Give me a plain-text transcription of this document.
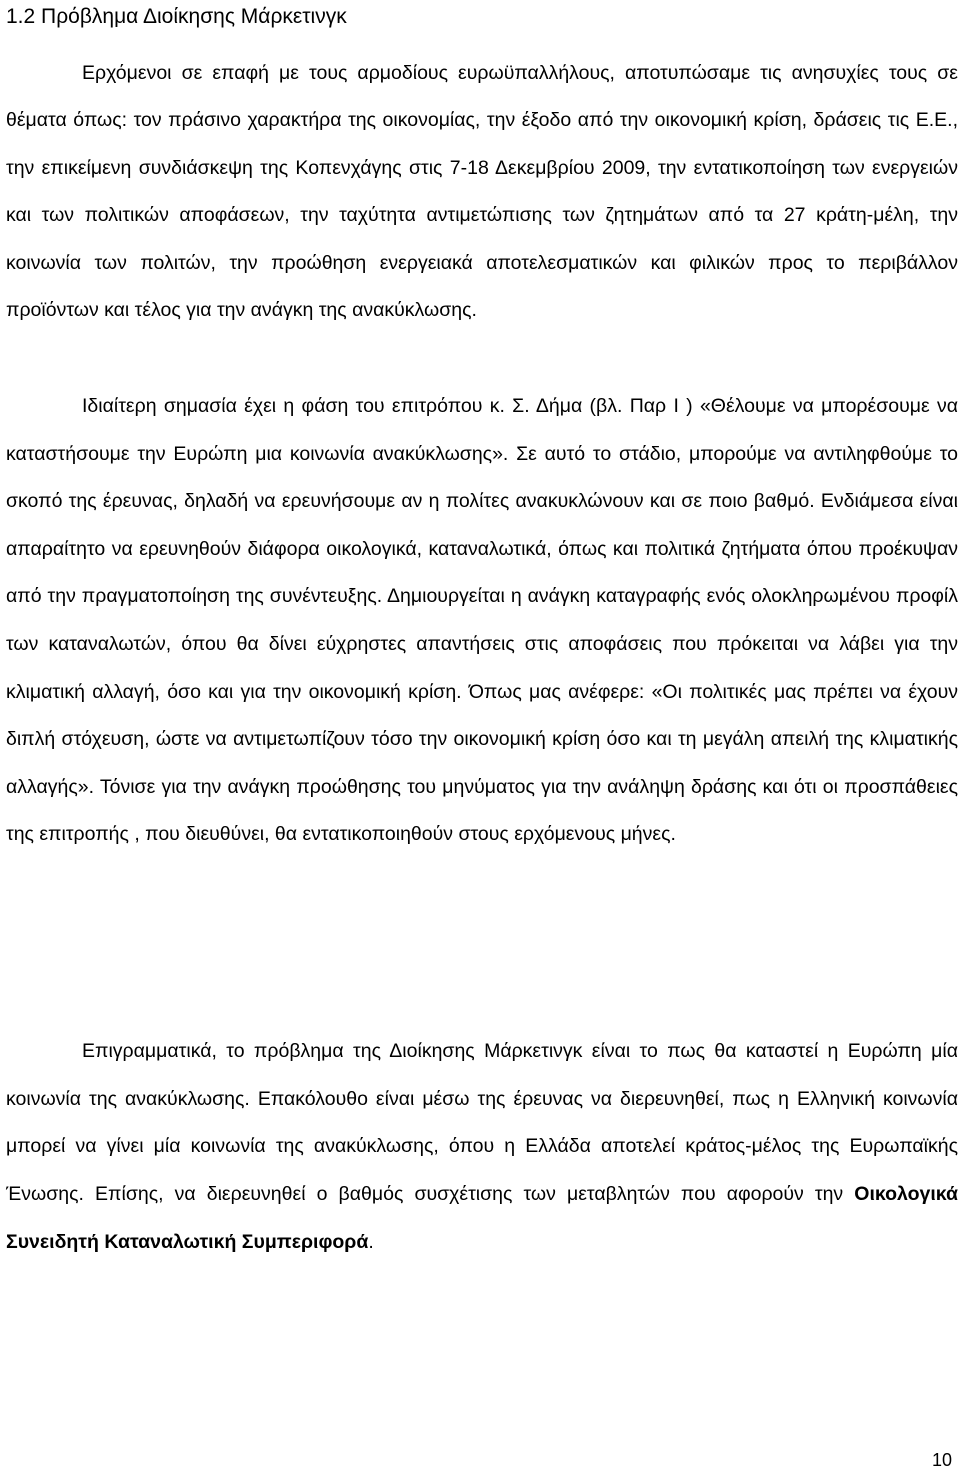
1.2 Πρόβλημα Διοίκησης Μάρκετινγκ

Ερχόμενοι σε επαφή με τους αρμοδίους ευρωϋπαλλήλους, αποτυπώσαμε τις ανησυχίες τους σε θέματα όπως: τον πράσινο χαρακτήρα της οικονομίας, την έξοδο από την οικονομική κρίση, δράσεις τις Ε.Ε., την επικείμενη συνδιάσκεψη της Κοπενχάγης στις 7-18 Δεκεμβρίου 2009, την εντατικοποίηση των ενεργειών και των πολιτικών αποφάσεων, την ταχύτητα αντιμετώπισης των ζητημάτων από τα 27 κράτη-μέλη, την κοινωνία των πολιτών, την προώθηση ενεργειακά αποτελεσματικών και φιλικών προς το περιβάλλον προϊόντων και τέλος για την ανάγκη της ανακύκλωσης.

Ιδιαίτερη σημασία έχει η φάση του επιτρόπου κ. Σ. Δήμα (βλ. Παρ Ι ) «Θέλουμε να μπορέσουμε να καταστήσουμε την Ευρώπη μια κοινωνία ανακύκλωσης». Σε αυτό το στάδιο, μπορούμε να αντιληφθούμε το σκοπό της έρευνας, δηλαδή να ερευνήσουμε αν η πολίτες ανακυκλώνουν και σε ποιο βαθμό. Ενδιάμεσα είναι απαραίτητο να ερευνηθούν διάφορα οικολογικά, καταναλωτικά, όπως και πολιτικά ζητήματα όπου προέκυψαν από την πραγματοποίηση της συνέντευξης. Δημιουργείται η ανάγκη καταγραφής ενός ολοκληρωμένου προφίλ των καταναλωτών, όπου θα δίνει εύχρηστες απαντήσεις στις αποφάσεις που πρόκειται να λάβει για την κλιματική αλλαγή, όσο και για την οικονομική κρίση. Όπως μας ανέφερε: «Οι πολιτικές μας πρέπει να έχουν διπλή στόχευση, ώστε να αντιμετωπίζουν τόσο την οικονομική κρίση όσο και τη μεγάλη απειλή της κλιματικής αλλαγής». Τόνισε για την ανάγκη προώθησης του μηνύματος για την ανάληψη δράσης και ότι οι προσπάθειες της επιτροπής , που διευθύνει, θα εντατικοποιηθούν στους ερχόμενους μήνες.

Επιγραμματικά, το πρόβλημα της Διοίκησης Μάρκετινγκ είναι το πως θα καταστεί η Ευρώπη μία κοινωνία της ανακύκλωσης. Επακόλουθο είναι μέσω της έρευνας να διερευνηθεί, πως η Ελληνική κοινωνία μπορεί να γίνει μία κοινωνία της ανακύκλωσης, όπου η Ελλάδα αποτελεί κράτος-μέλος της Ευρωπαϊκής Ένωσης. Επίσης, να διερευνηθεί ο βαθμός συσχέτισης των μεταβλητών που αφορούν την Οικολογικά Συνειδητή Καταναλωτική Συμπεριφορά.

10
